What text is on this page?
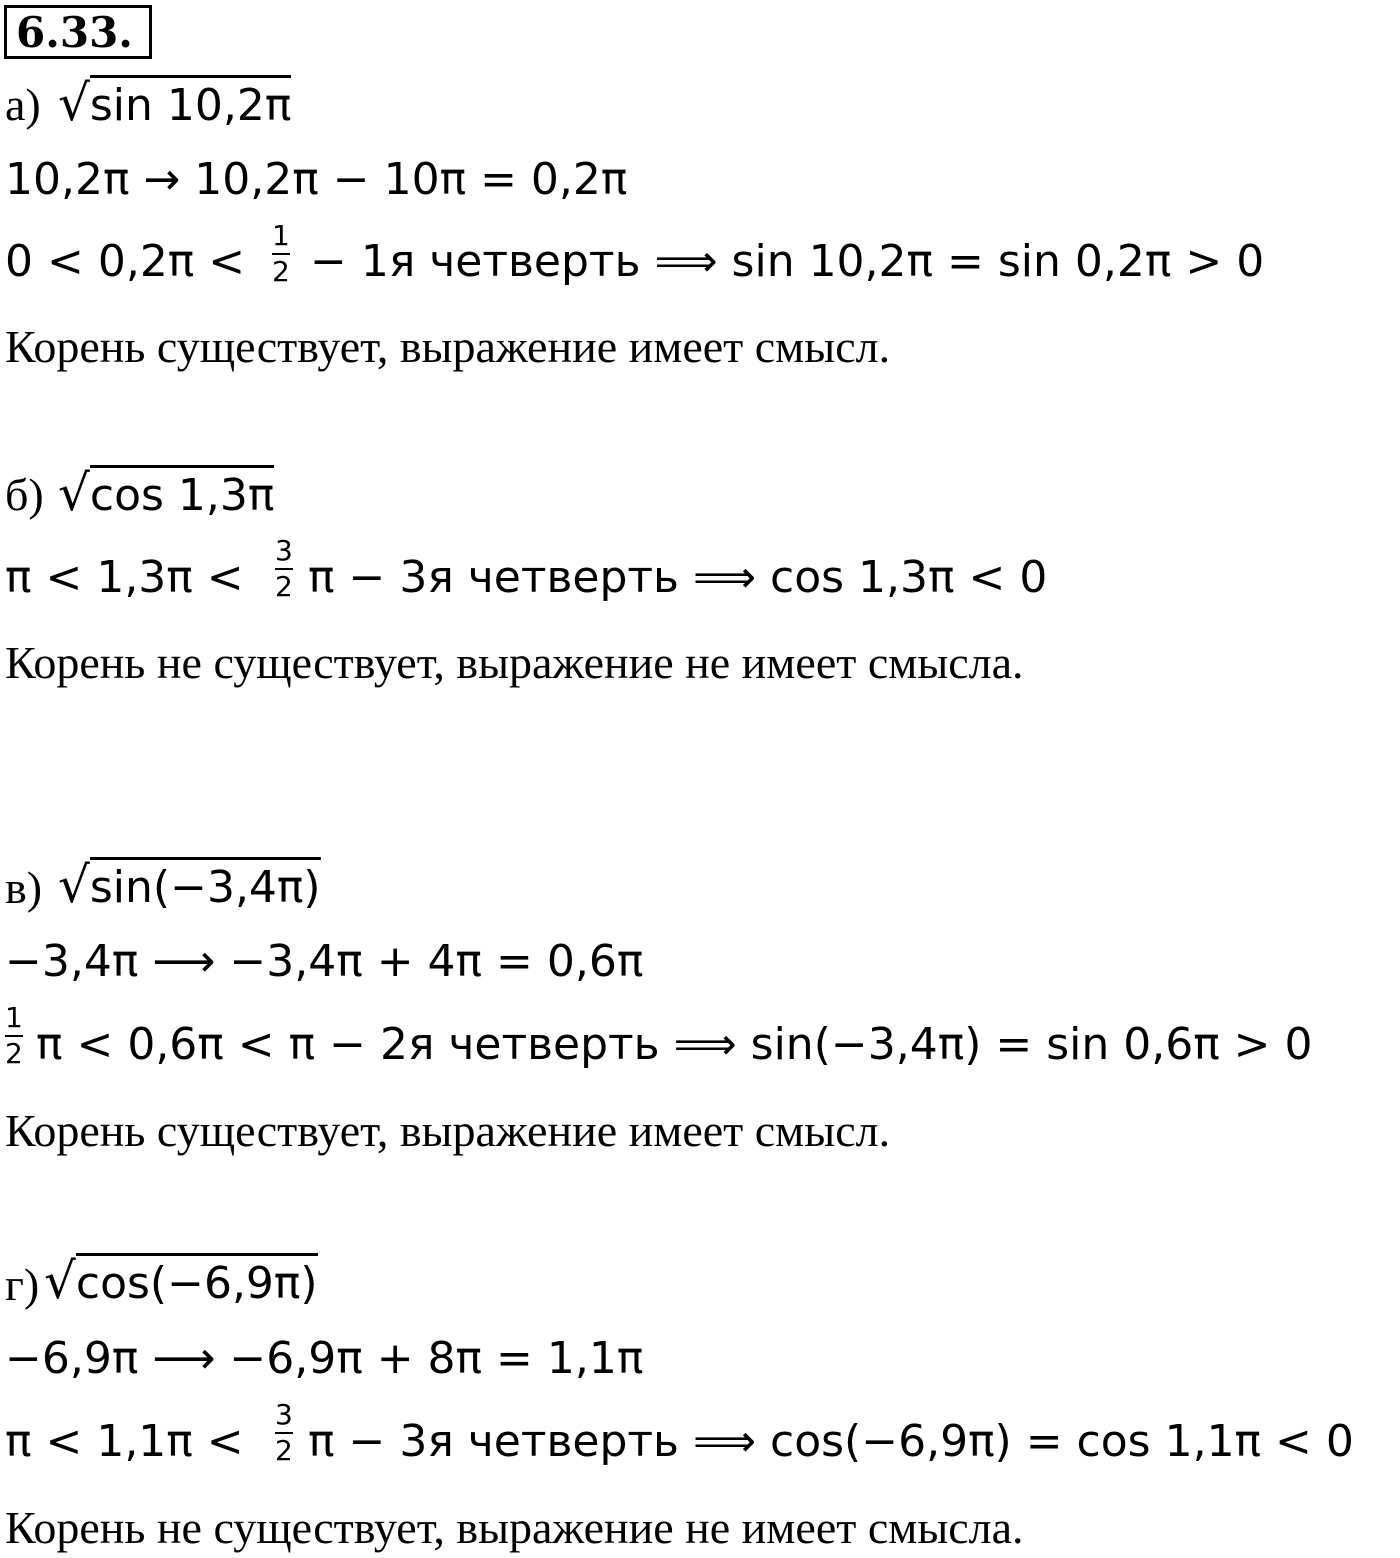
6.33.
а) √sin 10,2π
10,2π → 10,2π − 10π = 0,2π
0 < 0,2π <
1
2 − 1я четверть ⟹ sin 10,2π = sin 0,2π > 0
Корень существует, выражение имеет смысл.
б) √cos 1,3π
π < 1,3π <
3
2 π − 3я четверть ⟹ cos 1,3π < 0
Корень не существует, выражение не имеет смысла.
в) √sin(−3,4π)
−3,4π ⟶ −3,4π + 4π = 0,6π
1
2 π < 0,6π < π − 2я четверть ⟹ sin(−3,4π) = sin 0,6π > 0
Корень существует, выражение имеет смысл.
г) √cos(−6,9π)
−6,9π ⟶ −6,9π + 8π = 1,1π
π < 1,1π <
3
2 π − 3я четверть ⟹ cos(−6,9π) = cos 1,1π < 0
Корень не существует, выражение не имеет смысла.
